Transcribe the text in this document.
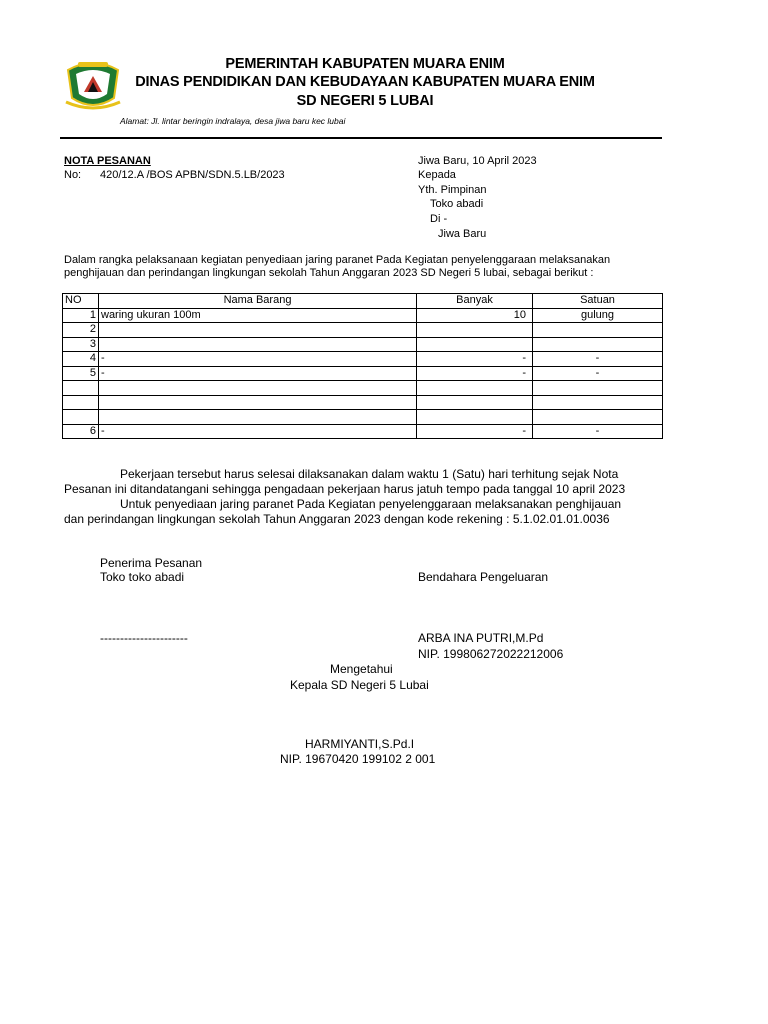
PEMERINTAH KABUPATEN MUARA ENIM
DINAS PENDIDIKAN DAN KEBUDAYAAN KABUPATEN MUARA ENIM
SD NEGERI 5 LUBAI
Alamat: Jl. lintar beringin indralaya, desa jiwa baru kec lubai
NOTA PESANAN
No: 420/12.A /BOS APBN/SDN.5.LB/2023
Jiwa Baru, 10 April 2023
Kepada
Yth. Pimpinan
Toko abadi
Di -
Jiwa Baru
Dalam rangka pelaksanaan kegiatan penyediaan jaring paranet Pada Kegiatan penyelenggaraan melaksanakan
penghijauan dan perindangan lingkungan sekolah Tahun Anggaran 2023 SD Negeri 5 lubai, sebagai berikut :
NO	Nama Barang	Banyak	Satuan
1	waring ukuran 100m	10	gulung
2			
3			
4	-	-	-
5	-	-	-

6	-	-	-
Pekerjaan tersebut harus selesai dilaksanakan dalam waktu 1 (Satu) hari terhitung sejak Nota
Pesanan ini ditandatangani sehingga pengadaan pekerjaan harus jatuh tempo pada tanggal 10 april 2023
Untuk penyediaan jaring paranet Pada Kegiatan penyelenggaraan melaksanakan penghijauan
dan perindangan lingkungan sekolah Tahun Anggaran 2023 dengan kode rekening : 5.1.02.01.01.0036
Penerima Pesanan
Toko toko abadi	Bendahara Pengeluaran
----------------------	ARBA INA PUTRI,M.Pd
NIP. 199806272022212006
Mengetahui
Kepala SD Negeri 5 Lubai
HARMIYANTI,S.Pd.I
NIP. 19670420 199102 2 001
